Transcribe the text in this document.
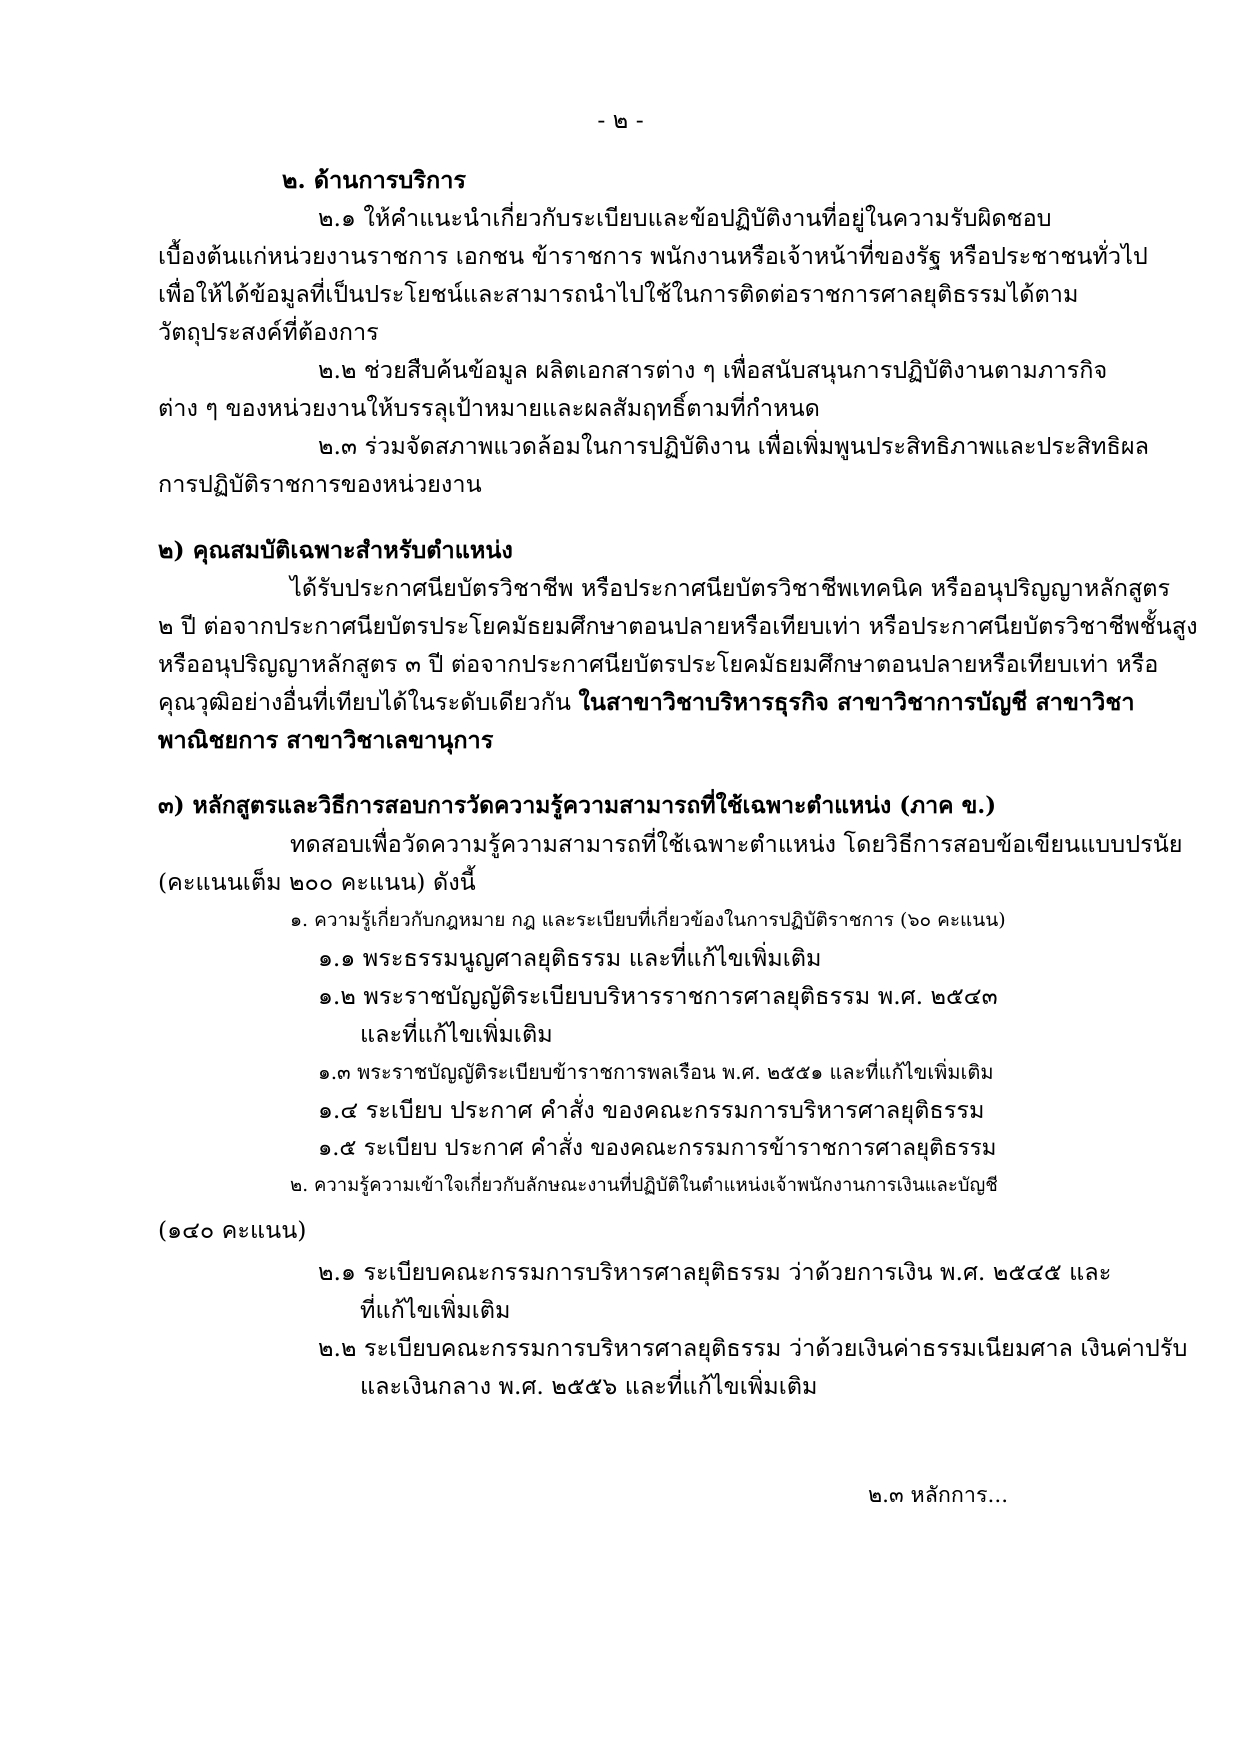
- ๒ -
๒. ด้านการบริการ
๒.๑ ให้คำแนะนำเกี่ยวกับระเบียบและข้อปฏิบัติงานที่อยู่ในความรับผิดชอบ
เบื้องต้นแก่หน่วยงานราชการ เอกชน ข้าราชการ พนักงานหรือเจ้าหน้าที่ของรัฐ หรือประชาชนทั่วไป
เพื่อให้ได้ข้อมูลที่เป็นประโยชน์และสามารถนำไปใช้ในการติดต่อราชการศาลยุติธรรมได้ตาม
วัตถุประสงค์ที่ต้องการ
๒.๒ ช่วยสืบค้นข้อมูล ผลิตเอกสารต่าง ๆ เพื่อสนับสนุนการปฏิบัติงานตามภารกิจ
ต่าง ๆ ของหน่วยงานให้บรรลุเป้าหมายและผลสัมฤทธิ์ตามที่กำหนด
๒.๓ ร่วมจัดสภาพแวดล้อมในการปฏิบัติงาน เพื่อเพิ่มพูนประสิทธิภาพและประสิทธิผล
การปฏิบัติราชการของหน่วยงาน
๒) คุณสมบัติเฉพาะสำหรับตำแหน่ง
ได้รับประกาศนียบัตรวิชาชีพ หรือประกาศนียบัตรวิชาชีพเทคนิค หรืออนุปริญญาหลักสูตร
๒ ปี ต่อจากประกาศนียบัตรประโยคมัธยมศึกษาตอนปลายหรือเทียบเท่า หรือประกาศนียบัตรวิชาชีพชั้นสูง
หรืออนุปริญญาหลักสูตร ๓ ปี ต่อจากประกาศนียบัตรประโยคมัธยมศึกษาตอนปลายหรือเทียบเท่า หรือ
คุณวุฒิอย่างอื่นที่เทียบได้ในระดับเดียวกัน ในสาขาวิชาบริหารธุรกิจ สาขาวิชาการบัญชี สาขาวิชา
พาณิชยการ สาขาวิชาเลขานุการ
๓) หลักสูตรและวิธีการสอบการวัดความรู้ความสามารถที่ใช้เฉพาะตำแหน่ง (ภาค ข.)
ทดสอบเพื่อวัดความรู้ความสามารถที่ใช้เฉพาะตำแหน่ง โดยวิธีการสอบข้อเขียนแบบปรนัย
(คะแนนเต็ม ๒๐๐ คะแนน) ดังนี้
๑. ความรู้เกี่ยวกับกฎหมาย กฎ และระเบียบที่เกี่ยวข้องในการปฏิบัติราชการ (๖๐ คะแนน)
๑.๑ พระธรรมนูญศาลยุติธรรม และที่แก้ไขเพิ่มเติม
๑.๒ พระราชบัญญัติระเบียบบริหารราชการศาลยุติธรรม พ.ศ. ๒๕๔๓
และที่แก้ไขเพิ่มเติม
๑.๓ พระราชบัญญัติระเบียบข้าราชการพลเรือน พ.ศ. ๒๕๕๑ และที่แก้ไขเพิ่มเติม
๑.๔ ระเบียบ ประกาศ คำสั่ง ของคณะกรรมการบริหารศาลยุติธรรม
๑.๕ ระเบียบ ประกาศ คำสั่ง ของคณะกรรมการข้าราชการศาลยุติธรรม
๒. ความรู้ความเข้าใจเกี่ยวกับลักษณะงานที่ปฏิบัติในตำแหน่งเจ้าพนักงานการเงินและบัญชี
(๑๔๐ คะแนน)
๒.๑ ระเบียบคณะกรรมการบริหารศาลยุติธรรม ว่าด้วยการเงิน พ.ศ. ๒๕๔๕ และ
ที่แก้ไขเพิ่มเติม
๒.๒ ระเบียบคณะกรรมการบริหารศาลยุติธรรม ว่าด้วยเงินค่าธรรมเนียมศาล เงินค่าปรับ
และเงินกลาง พ.ศ. ๒๕๕๖ และที่แก้ไขเพิ่มเติม
๒.๓ หลักการ...
